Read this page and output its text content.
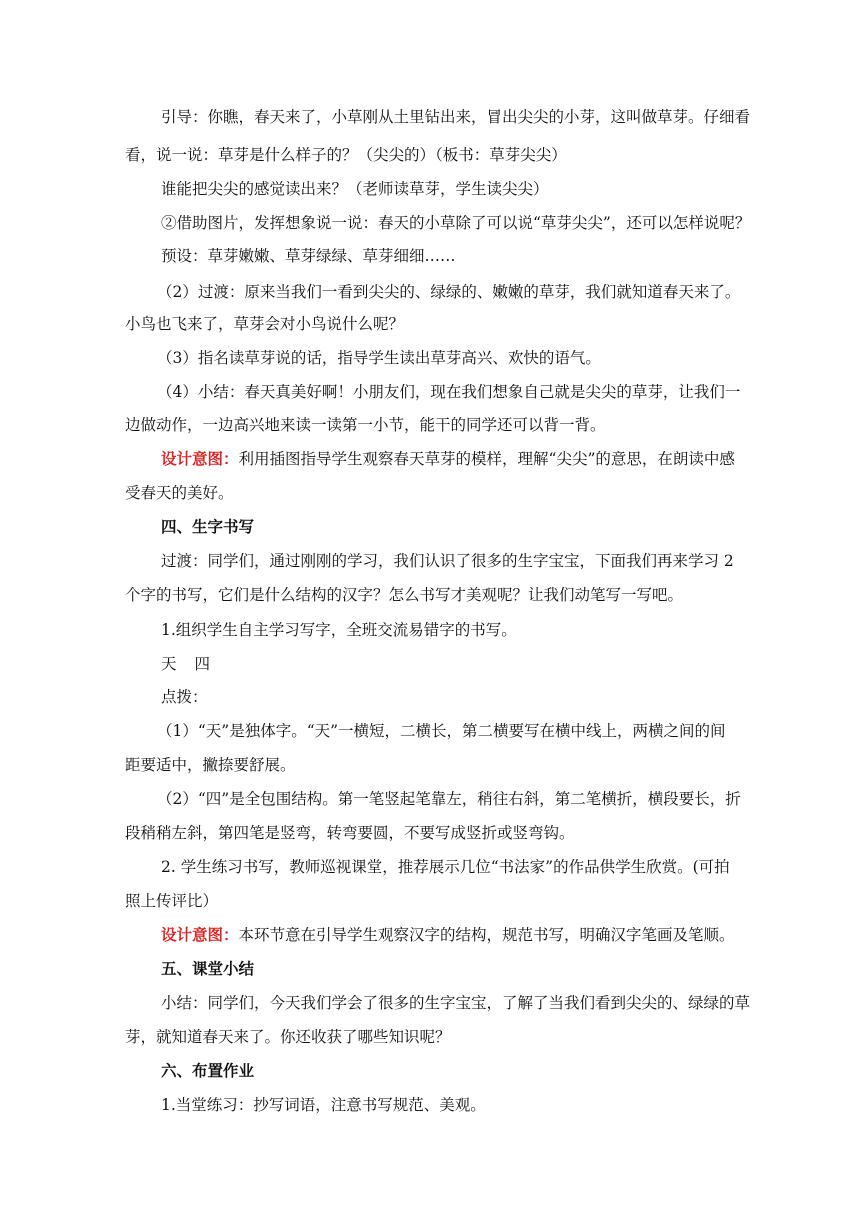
引导：你瞧，春天来了，小草刚从土里钻出来，冒出尖尖的小芽，这叫做草芽。仔细看
看，说一说：草芽是什么样子的？（尖尖的）（板书：草芽尖尖）
谁能把尖尖的感觉读出来？（老师读草芽，学生读尖尖）
②借助图片，发挥想象说一说：春天的小草除了可以说“草芽尖尖”，还可以怎样说呢？
预设：草芽嫩嫩、草芽绿绿、草芽细细……
（2）过渡：原来当我们一看到尖尖的、绿绿的、嫩嫩的草芽，我们就知道春天来了。
小鸟也飞来了，草芽会对小鸟说什么呢？
（3）指名读草芽说的话，指导学生读出草芽高兴、欢快的语气。
（4）小结：春天真美好啊！小朋友们，现在我们想象自己就是尖尖的草芽，让我们一
边做动作，一边高兴地来读一读第一小节，能干的同学还可以背一背。
设计意图：利用插图指导学生观察春天草芽的模样，理解“尖尖”的意思，在朗读中感
受春天的美好。
四、生字书写
过渡：同学们，通过刚刚的学习，我们认识了很多的生字宝宝，下面我们再来学习 2
个字的书写，它们是什么结构的汉字？怎么书写才美观呢？让我们动笔写一写吧。
1.组织学生自主学习写字，全班交流易错字的书写。
天 四
点拨：
（1）“天”是独体字。“天”一横短，二横长，第二横要写在横中线上，两横之间的间
距要适中，撇捺要舒展。
（2）“四”是全包围结构。第一笔竖起笔靠左，稍往右斜，第二笔横折，横段要长，折
段稍稍左斜，第四笔是竖弯，转弯要圆，不要写成竖折或竖弯钩。
2. 学生练习书写，教师巡视课堂，推荐展示几位“书法家”的作品供学生欣赏。(可拍
照上传评比）
设计意图：本环节意在引导学生观察汉字的结构，规范书写，明确汉字笔画及笔顺。
五、课堂小结
小结：同学们，今天我们学会了很多的生字宝宝，了解了当我们看到尖尖的、绿绿的草
芽，就知道春天来了。你还收获了哪些知识呢？
六、布置作业
1.当堂练习：抄写词语，注意书写规范、美观。
